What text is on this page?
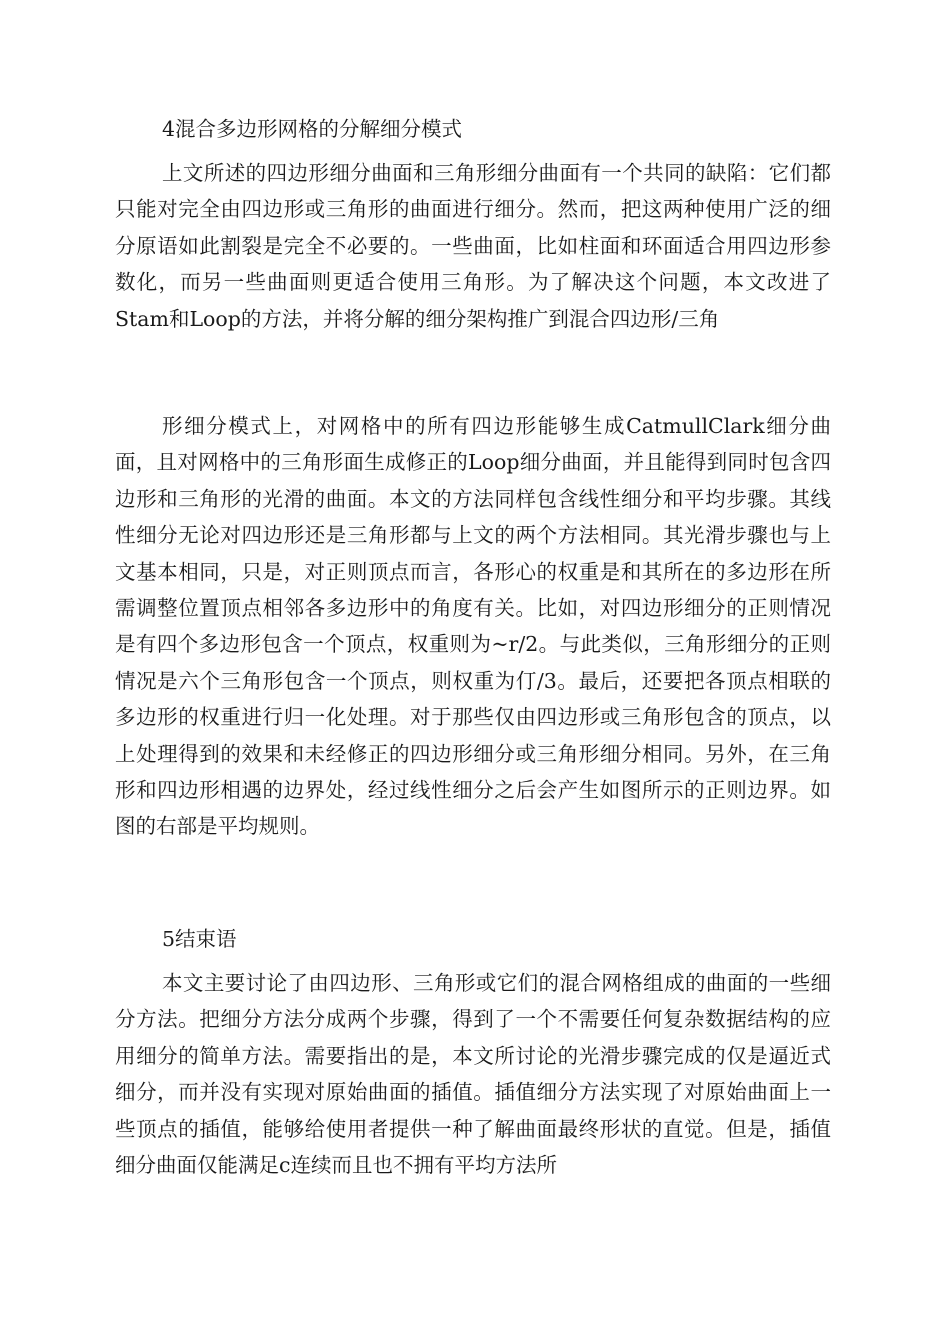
4混合多边形网格的分解细分模式

上文所述的四边形细分曲面和三角形细分曲面有一个共同的缺陷：它们都只能对完全由四边形或三角形的曲面进行细分。然而，把这两种使用广泛的细分原语如此割裂是完全不必要的。一些曲面，比如柱面和环面适合用四边形参数化，而另一些曲面则更适合使用三角形。为了解决这个问题，本文改进了Stam和Loop的方法，并将分解的细分架构推广到混合四边形/三角

形细分模式上，对网格中的所有四边形能够生成CatmullClark细分曲面，且对网格中的三角形面生成修正的Loop细分曲面，并且能得到同时包含四边形和三角形的光滑的曲面。本文的方法同样包含线性细分和平均步骤。其线性细分无论对四边形还是三角形都与上文的两个方法相同。其光滑步骤也与上文基本相同，只是，对正则顶点而言，各形心的权重是和其所在的多边形在所需调整位置顶点相邻各多边形中的角度有关。比如，对四边形细分的正则情况是有四个多边形包含一个顶点，权重则为~r/2。与此类似，三角形细分的正则情况是六个三角形包含一个顶点，则权重为仃/3。最后，还要把各顶点相联的多边形的权重进行归一化处理。对于那些仅由四边形或三角形包含的顶点，以上处理得到的效果和未经修正的四边形细分或三角形细分相同。另外，在三角形和四边形相遇的边界处，经过线性细分之后会产生如图所示的正则边界。如图的右部是平均规则。

5结束语

本文主要讨论了由四边形、三角形或它们的混合网格组成的曲面的一些细分方法。把细分方法分成两个步骤，得到了一个不需要任何复杂数据结构的应用细分的简单方法。需要指出的是，本文所讨论的光滑步骤完成的仅是逼近式细分，而并没有实现对原始曲面的插值。插值细分方法实现了对原始曲面上一些顶点的插值，能够给使用者提供一种了解曲面最终形状的直觉。但是，插值细分曲面仅能满足c连续而且也不拥有平均方法所
